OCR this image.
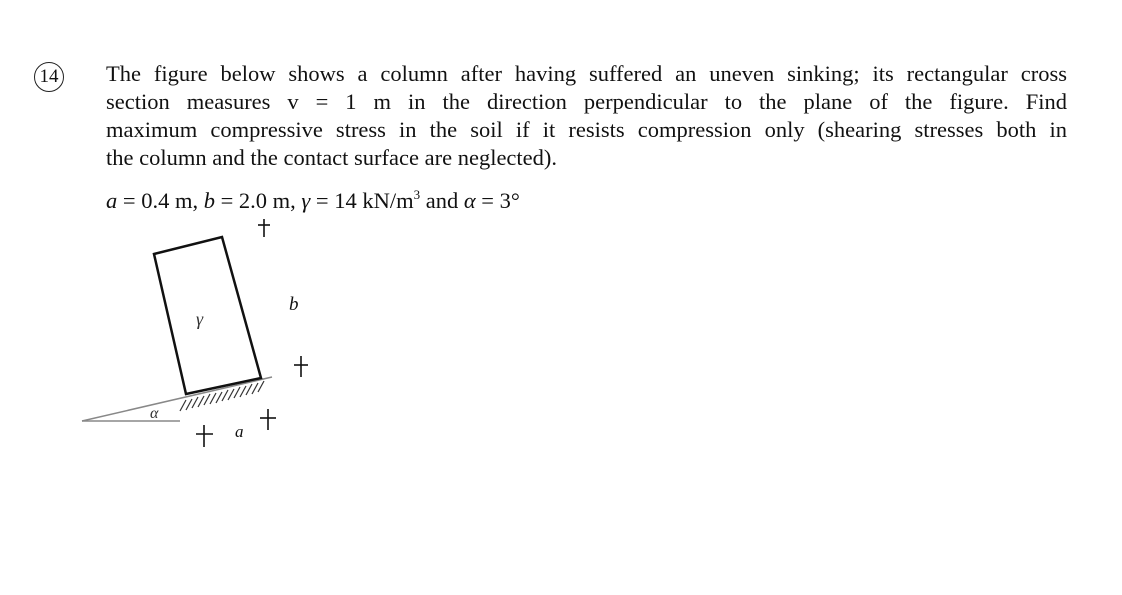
14 The figure below shows a column after having suffered an uneven sinking; its rectangular cross
section measures v = 1 m in the direction perpendicular to the plane of the figure. Find
maximum compressive stress in the soil if it resists compression only (shearing stresses both in
the column and the contact surface are neglected).
a = 0.4 m, b = 2.0 m, γ = 14 $kN/m^3$ and α = 3°
γ
b
a
α
